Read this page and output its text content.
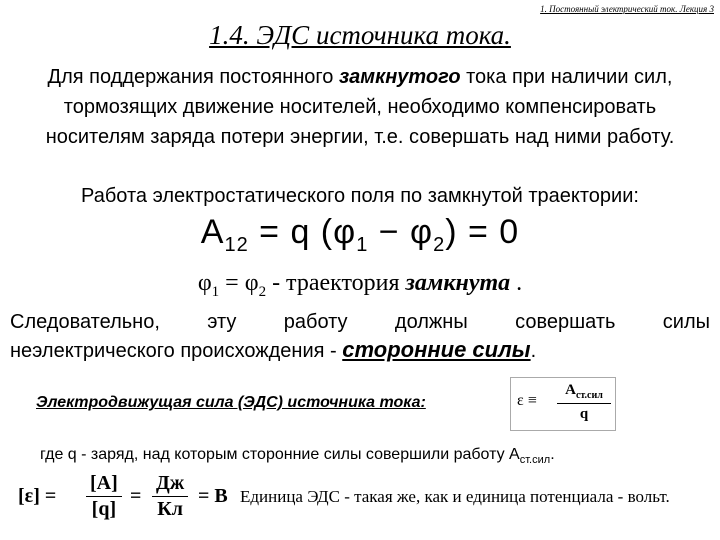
1. Постоянный электрический ток. Лекция 3
1.4. ЭДС источника тока.
Для поддержания постоянного замкнутого тока при наличии сил, тормозящих движение носителей, необходимо компенсировать носителям заряда потери энергии, т.е. совершать над ними работу.
Работа электростатического поля по замкнутой траектории:
$A_{12} = q$ $(\varphi_1 - \varphi_2) = 0$
$\varphi_1 = \varphi_2$ - траектория замкнута .
Следовательно, эту работу должны совершать силы
неэлектрического происхождения - сторонние силы.
Электродвижущая сила (ЭДС) источника тока:	ε ≡
$A_{ст.сил}$
q
где q - заряд, над которым сторонние силы совершили работу $A_{ст.сил}$.
$[\varepsilon] = \frac{[A]}{[q]}$ =
Дж
Кл
= В Единица ЭДС - такая же, как и единица потенциала - вольт.
